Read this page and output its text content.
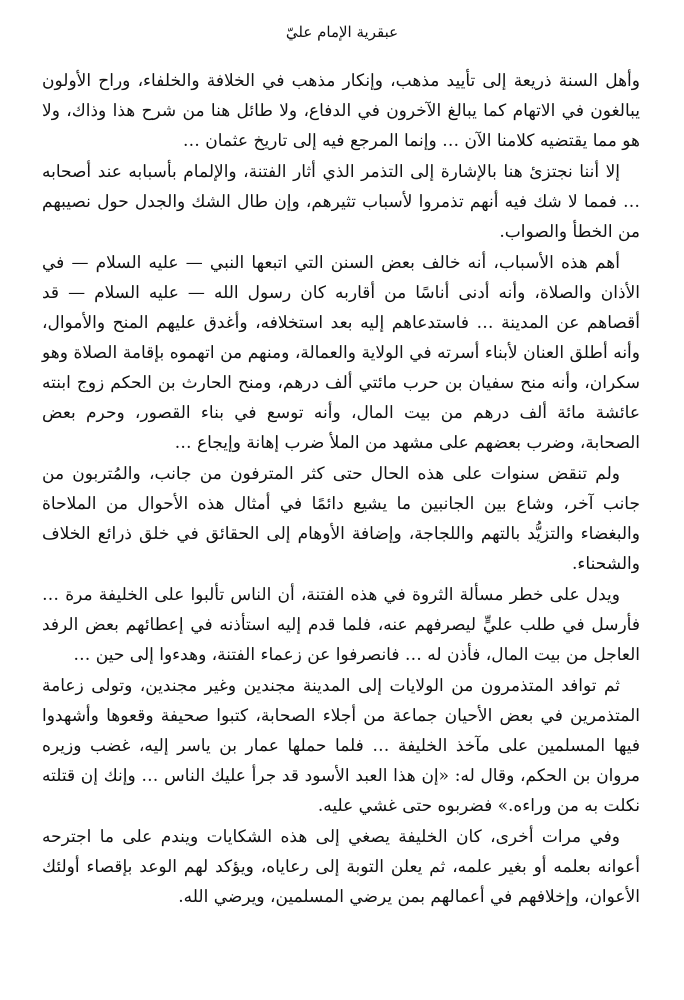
عبقرية الإمام عليّ

وأهل السنة ذريعة إلى تأييد مذهب، وإنكار مذهب في الخلافة والخلفاء، وراح الأولون يبالغون في الاتهام كما يبالغ الآخرون في الدفاع، ولا طائل هنا من شرح هذا وذاك، ولا هو مما يقتضيه كلامنا الآن … وإنما المرجع فيه إلى تاريخ عثمان …

إلا أننا نجتزئ هنا بالإشارة إلى التذمر الذي أثار الفتنة، والإلمام بأسبابه عند أصحابه … فمما لا شك فيه أنهم تذمروا لأسباب تثيرهم، وإن طال الشك والجدل حول نصيبهم من الخطأ والصواب.

أهم هذه الأسباب، أنه خالف بعض السنن التي اتبعها النبي — عليه السلام — في الأذان والصلاة، وأنه أدنى أناسًا من أقاربه كان رسول الله — عليه السلام — قد أقصاهم عن المدينة … فاستدعاهم إليه بعد استخلافه، وأغدق عليهم المنح والأموال، وأنه أطلق العنان لأبناء أسرته في الولاية والعمالة، ومنهم من اتهموه بإقامة الصلاة وهو سكران، وأنه منح سفيان بن حرب مائتي ألف درهم، ومنح الحارث بن الحكم زوج ابنته عائشة مائة ألف درهم من بيت المال، وأنه توسع في بناء القصور، وحرم بعض الصحابة، وضرب بعضهم على مشهد من الملأ ضرب إهانة وإيجاع …

ولم تنقض سنوات على هذه الحال حتى كثر المترفون من جانب، والمُتربون من جانب آخر، وشاع بين الجانبين ما يشيع دائمًا في أمثال هذه الأحوال من الملاحاة والبغضاء والتزيُّد بالتهم واللجاجة، وإضافة الأوهام إلى الحقائق في خلق ذرائع الخلاف والشحناء.

ويدل على خطر مسألة الثروة في هذه الفتنة، أن الناس تألبوا على الخليفة مرة … فأرسل في طلب عليٍّ ليصرفهم عنه، فلما قدم إليه استأذنه في إعطائهم بعض الرفد العاجل من بيت المال، فأذن له … فانصرفوا عن زعماء الفتنة، وهدءوا إلى حين …

ثم توافد المتذمرون من الولايات إلى المدينة مجندين وغير مجندين، وتولى زعامة المتذمرين في بعض الأحيان جماعة من أجلاء الصحابة، كتبوا صحيفة وقعوها وأشهدوا فيها المسلمين على مآخذ الخليفة … فلما حملها عمار بن ياسر إليه، غضب وزيره مروان بن الحكم، وقال له: «إن هذا العبد الأسود قد جرأ عليك الناس … وإنك إن قتلته نكلت به من وراءه.» فضربوه حتى غشي عليه.

وفي مرات أخرى، كان الخليفة يصغي إلى هذه الشكايات ويندم على ما اجترحه أعوانه بعلمه أو بغير علمه، ثم يعلن التوبة إلى رعاياه، ويؤكد لهم الوعد بإقصاء أولئك الأعوان، وإخلافهم في أعمالهم بمن يرضي المسلمين، ويرضي الله.
